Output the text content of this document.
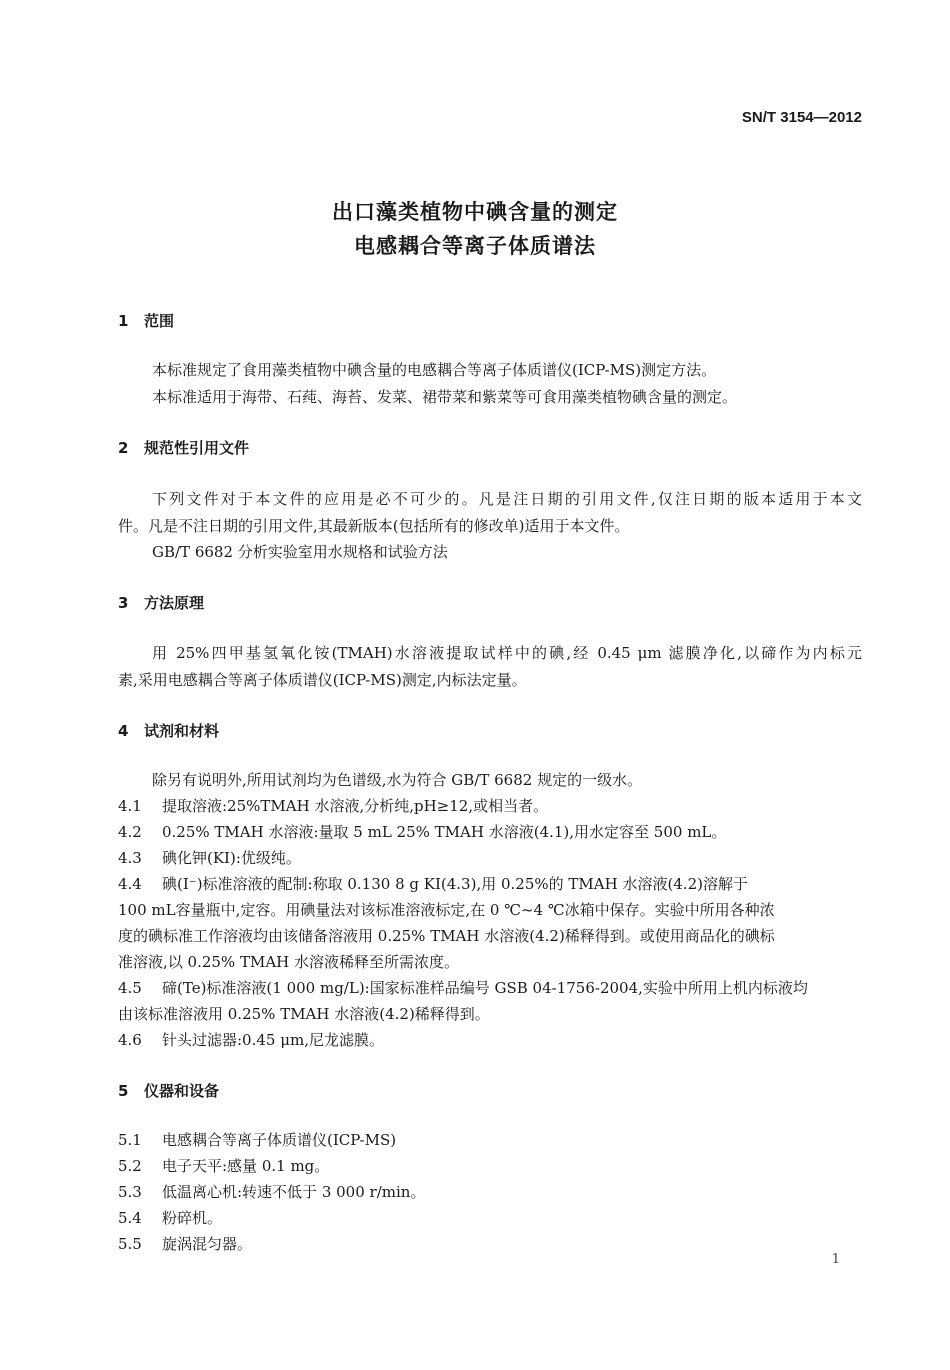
SN/T 3154—2012
出口藻类植物中碘含量的测定
电感耦合等离子体质谱法
1 范围
本标准规定了食用藻类植物中碘含量的电感耦合等离子体质谱仪(ICP-MS)测定方法。
本标准适用于海带、石莼、海苔、发菜、裙带菜和紫菜等可食用藻类植物碘含量的测定。
2 规范性引用文件
下列文件对于本文件的应用是必不可少的。凡是注日期的引用文件,仅注日期的版本适用于本文
件。凡是不注日期的引用文件,其最新版本(包括所有的修改单)适用于本文件。
GB/T 6682 分析实验室用水规格和试验方法
3 方法原理
用 25%四甲基氢氧化铵(TMAH)水溶液提取试样中的碘,经 0.45 μm 滤膜净化,以碲作为内标元
素,采用电感耦合等离子体质谱仪(ICP-MS)测定,内标法定量。
4 试剂和材料
除另有说明外,所用试剂均为色谱级,水为符合 GB/T 6682 规定的一级水。
4.1 提取溶液:25%TMAH 水溶液,分析纯,pH≥12,或相当者。
4.2 0.25% TMAH 水溶液:量取 5 mL 25% TMAH 水溶液(4.1),用水定容至 500 mL。
4.3 碘化钾(KI):优级纯。
4.4 碘(I⁻)标准溶液的配制:称取 0.130 8 g KI(4.3),用 0.25%的 TMAH 水溶液(4.2)溶解于
100 mL容量瓶中,定容。用碘量法对该标准溶液标定,在 0 ℃~4 ℃冰箱中保存。实验中所用各种浓
度的碘标准工作溶液均由该储备溶液用 0.25% TMAH 水溶液(4.2)稀释得到。或使用商品化的碘标
准溶液,以 0.25% TMAH 水溶液稀释至所需浓度。
4.5 碲(Te)标准溶液(1 000 mg/L):国家标准样品编号 GSB 04-1756-2004,实验中所用上机内标液均
由该标准溶液用 0.25% TMAH 水溶液(4.2)稀释得到。
4.6 针头过滤器:0.45 μm,尼龙滤膜。
5 仪器和设备
5.1 电感耦合等离子体质谱仪(ICP-MS)
5.2 电子天平:感量 0.1 mg。
5.3 低温离心机:转速不低于 3 000 r/min。
5.4 粉碎机。
5.5 旋涡混匀器。
1
